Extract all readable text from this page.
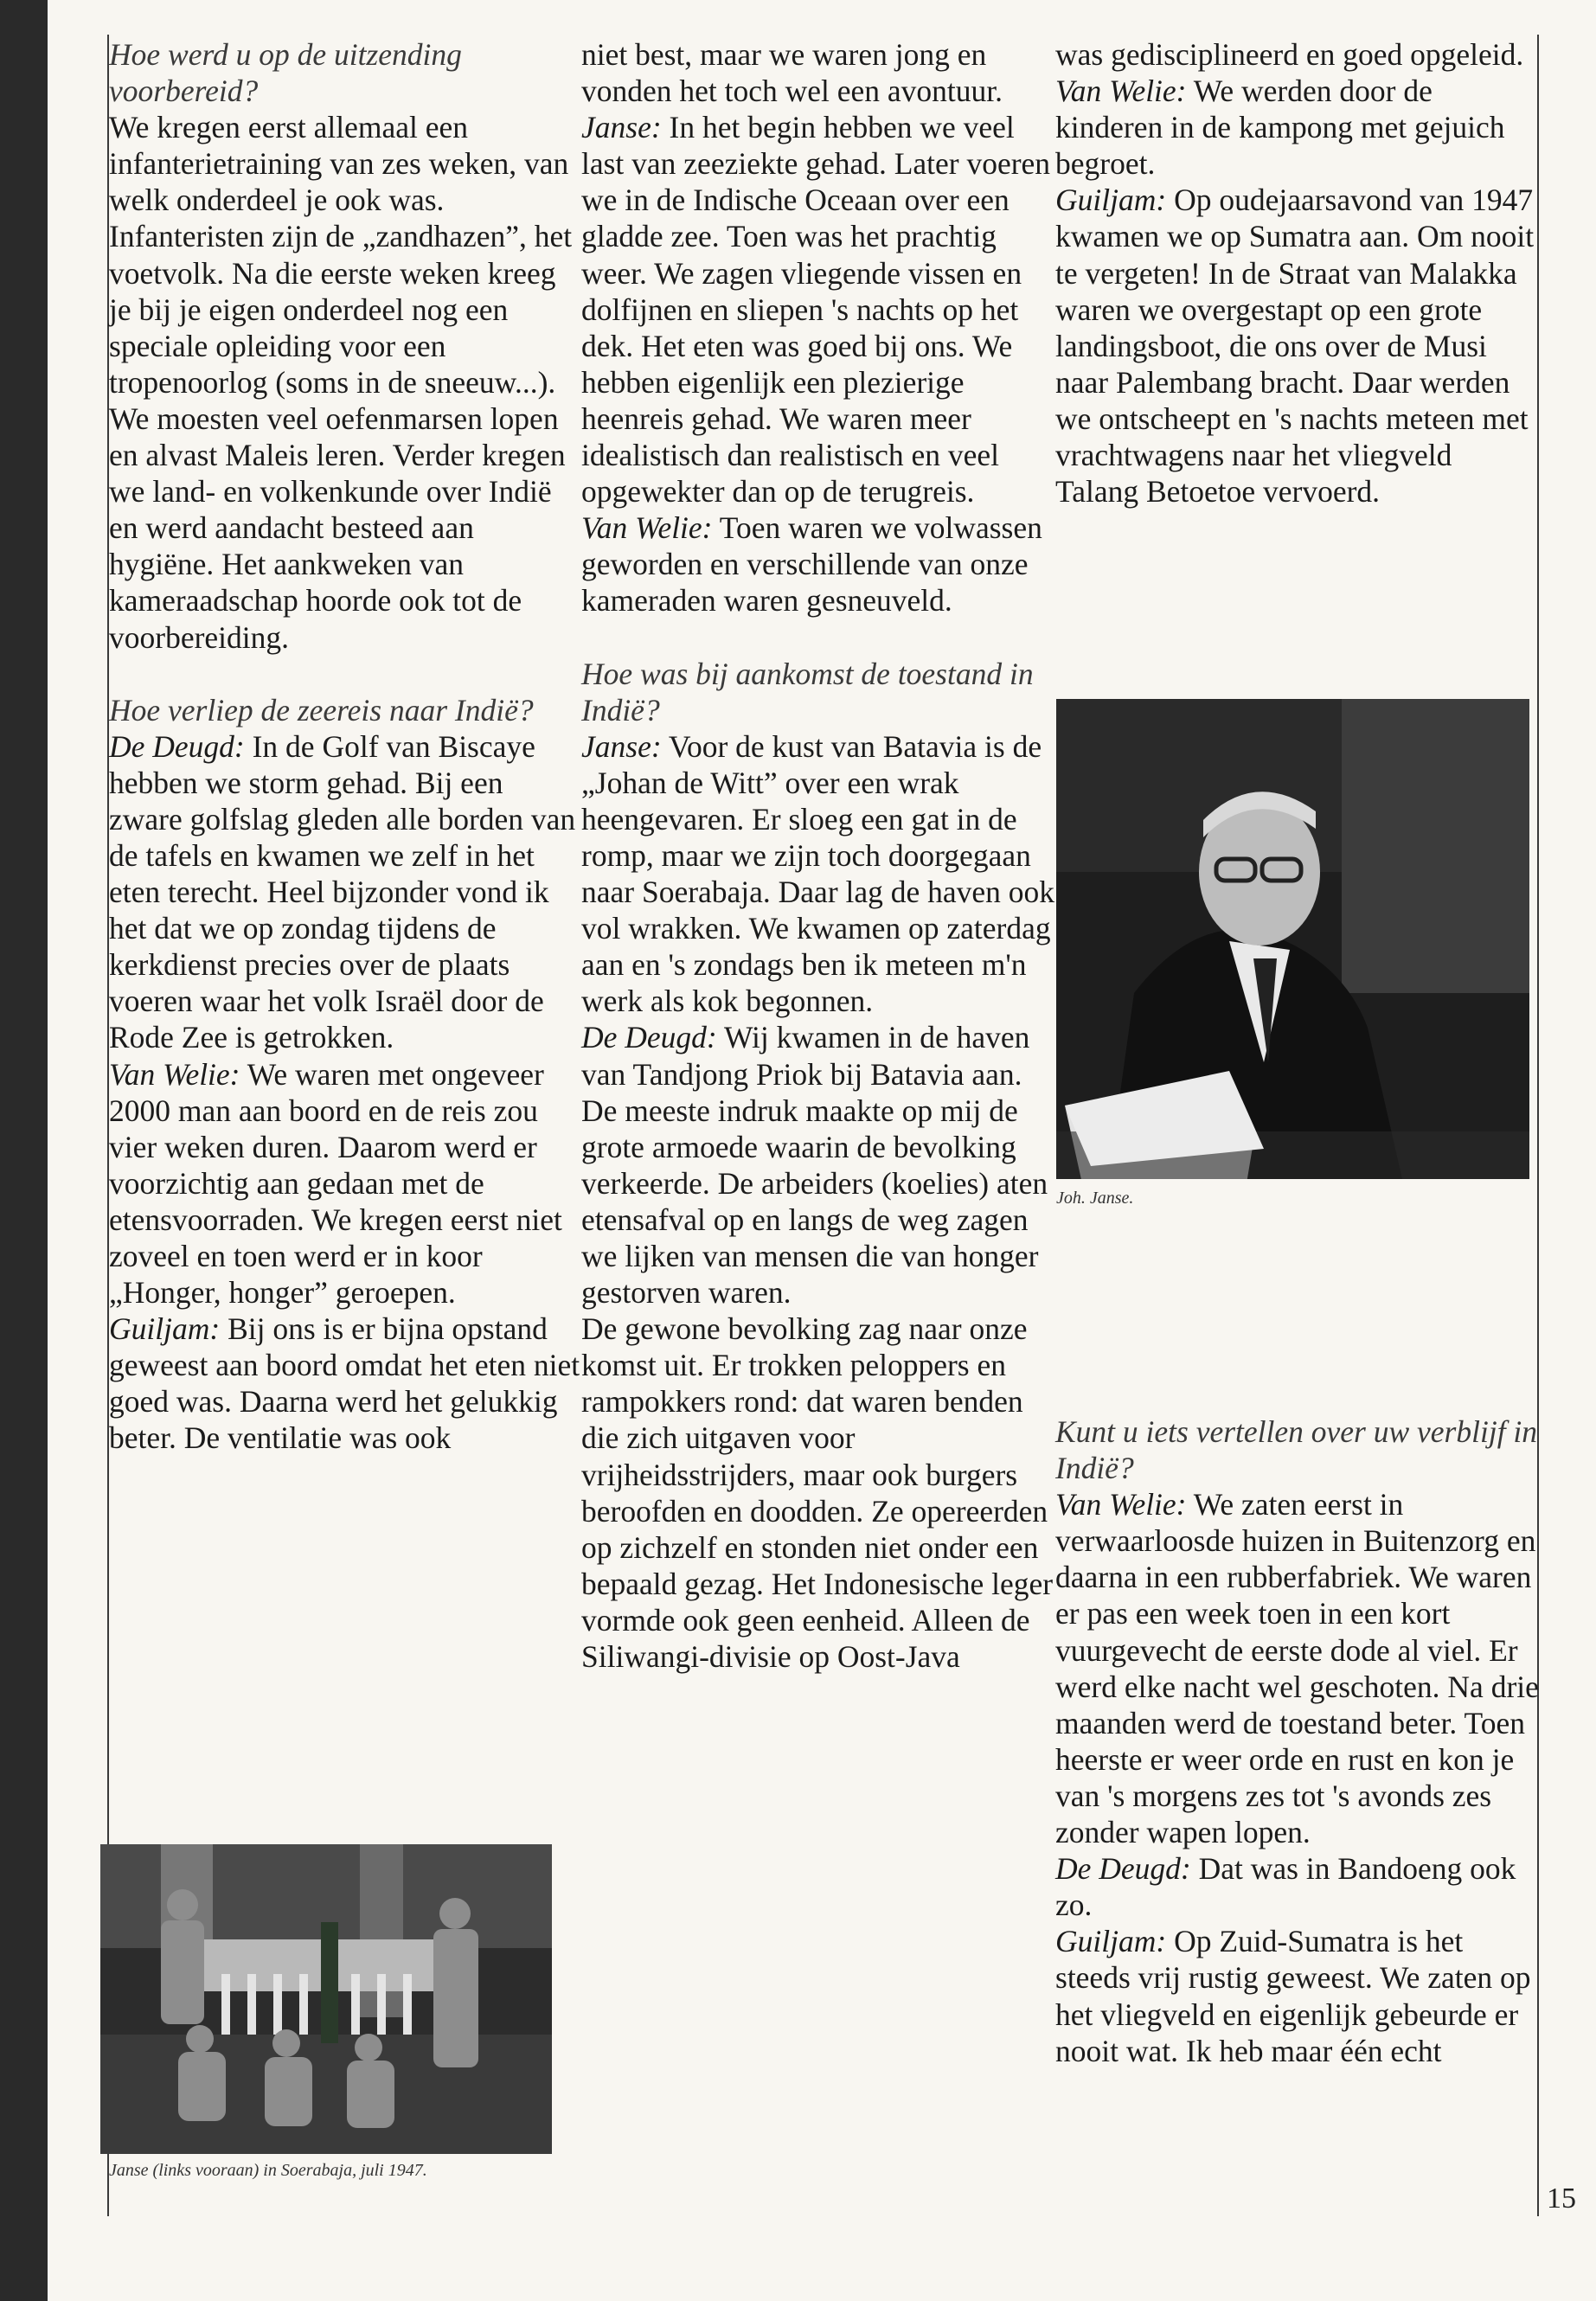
Hoe werd u op de uitzending voorbereid?

We kregen eerst allemaal een infanterietraining van zes weken, van welk onderdeel je ook was. Infanteristen zijn de „zandhazen”, het voetvolk. Na die eerste weken kreeg je bij je eigen onderdeel nog een speciale opleiding voor een tropenoorlog (soms in de sneeuw...). We moesten veel oefenmarsen lopen en alvast Maleis leren. Verder kregen we land- en volkenkunde over Indië en werd aandacht besteed aan hygiëne. Het aankweken van kameraadschap hoorde ook tot de voorbereiding.

Hoe verliep de zeereis naar Indië?

De Deugd: In de Golf van Biscaye hebben we storm gehad. Bij een zware golfslag gleden alle borden van de tafels en kwamen we zelf in het eten terecht. Heel bijzonder vond ik het dat we op zondag tijdens de kerkdienst precies over de plaats voeren waar het volk Israël door de Rode Zee is getrokken.

Van Welie: We waren met ongeveer 2000 man aan boord en de reis zou vier weken duren. Daarom werd er voorzichtig aan gedaan met de etensvoorraden. We kregen eerst niet zoveel en toen werd er in koor „Honger, honger” geroepen.

Guiljam: Bij ons is er bijna opstand geweest aan boord omdat het eten niet goed was. Daarna werd het gelukkig beter. De ventilatie was ook

niet best, maar we waren jong en vonden het toch wel een avontuur.

Janse: In het begin hebben we veel last van zeeziekte gehad. Later voeren we in de Indische Oceaan over een gladde zee. Toen was het prachtig weer. We zagen vliegende vissen en dolfijnen en sliepen 's nachts op het dek. Het eten was goed bij ons. We hebben eigenlijk een plezierige heenreis gehad. We waren meer idealistisch dan realistisch en veel opgewekter dan op de terugreis.

Van Welie: Toen waren we volwassen geworden en verschillende van onze kameraden waren gesneuveld.

Hoe was bij aankomst de toestand in Indië?

Janse: Voor de kust van Batavia is de „Johan de Witt” over een wrak heengevaren. Er sloeg een gat in de romp, maar we zijn toch doorgegaan naar Soerabaja. Daar lag de haven ook vol wrakken. We kwamen op zaterdag aan en 's zondags ben ik meteen m'n werk als kok begonnen.

De Deugd: Wij kwamen in de haven van Tandjong Priok bij Batavia aan. De meeste indruk maakte op mij de grote armoede waarin de bevolking verkeerde. De arbeiders (koelies) aten etensafval op en langs de weg zagen we lijken van mensen die van honger gestorven waren.

De gewone bevolking zag naar onze komst uit. Er trokken peloppers en rampokkers rond: dat waren benden die zich uitgaven voor vrijheidsstrijders, maar ook burgers beroofden en doodden. Ze opereerden op zichzelf en stonden niet onder een bepaald gezag. Het Indonesische leger vormde ook geen eenheid. Alleen de Siliwangi-divisie op Oost-Java

was gedisciplineerd en goed opgeleid.

Van Welie: We werden door de kinderen in de kampong met gejuich begroet.

Guiljam: Op oudejaarsavond van 1947 kwamen we op Sumatra aan. Om nooit te vergeten! In de Straat van Malakka waren we overgestapt op een grote landingsboot, die ons over de Musi naar Palembang bracht. Daar werden we ontscheept en 's nachts meteen met vrachtwagens naar het vliegveld Talang Betoetoe vervoerd.

Kunt u iets vertellen over uw verblijf in Indië?

Van Welie: We zaten eerst in verwaarloosde huizen in Buitenzorg en daarna in een rubberfabriek. We waren er pas een week toen in een kort vuurgevecht de eerste dode al viel. Er werd elke nacht wel geschoten. Na drie maanden werd de toestand beter. Toen heerste er weer orde en rust en kon je van 's morgens zes tot 's avonds zes zonder wapen lopen.

De Deugd: Dat was in Bandoeng ook zo.

Guiljam: Op Zuid-Sumatra is het steeds vrij rustig geweest. We zaten op het vliegveld en eigenlijk gebeurde er nooit wat. Ik heb maar één echt

Janse (links vooraan) in Soerabaja, juli 1947.
Joh. Janse.
15
